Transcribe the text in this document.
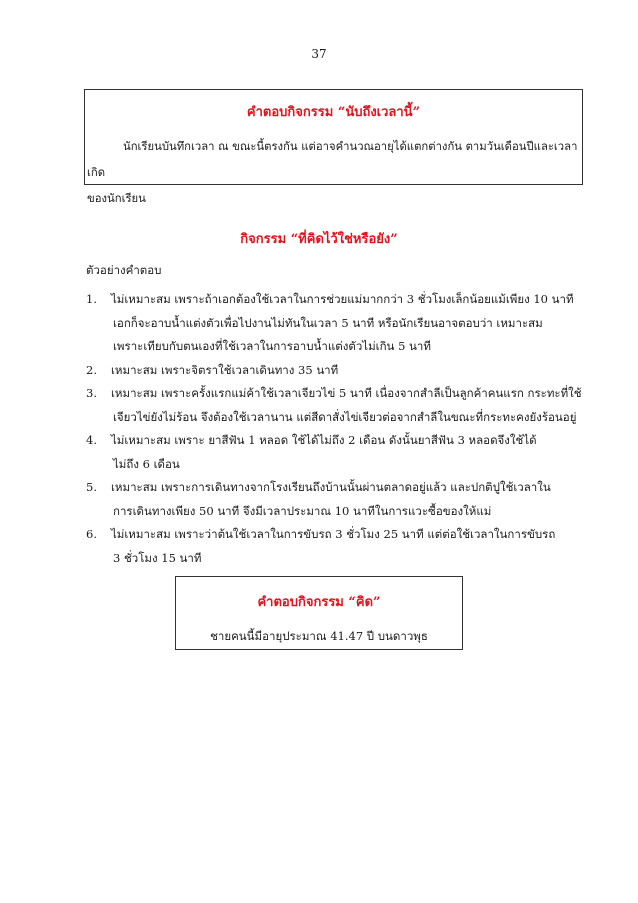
37
คำตอบกิจกรรม “นับถึงเวลานี้”
นักเรียนบันทึกเวลา ณ ขณะนี้ตรงกัน แต่อาจคำนวณอายุได้แตกต่างกัน ตามวันเดือนปีและเวลาเกิด
ของนักเรียน
กิจกรรม “ที่คิดไว้ใช่หรือยัง”
ตัวอย่างคำตอบ
1.	ไม่เหมาะสม เพราะถ้าเอกต้องใช้เวลาในการช่วยแม่มากกว่า 3 ชั่วโมงเล็กน้อยแม้เพียง 10 นาที
เอกก็จะอาบน้ำแต่งตัวเพื่อไปงานไม่ทันในเวลา 5 นาที หรือนักเรียนอาจตอบว่า เหมาะสม
เพราะเทียบกับตนเองที่ใช้เวลาในการอาบน้ำแต่งตัวไม่เกิน 5 นาที
2.	เหมาะสม เพราะจิตราใช้เวลาเดินทาง 35 นาที
3.	เหมาะสม เพราะครั้งแรกแม่ค้าใช้เวลาเจียวไข่ 5 นาที เนื่องจากสำลีเป็นลูกค้าคนแรก กระทะที่ใช้
เจียวไข่ยังไม่ร้อน จึงต้องใช้เวลานาน แต่สีดาสั่งไข่เจียวต่อจากสำลีในขณะที่กระทะคงยังร้อนอยู่
4.	ไม่เหมาะสม เพราะ ยาสีฟัน 1 หลอด ใช้ได้ไม่ถึง 2 เดือน ดังนั้นยาสีฟัน 3 หลอดจึงใช้ได้
ไม่ถึง 6 เดือน
5.	เหมาะสม เพราะการเดินทางจากโรงเรียนถึงบ้านนั้นผ่านตลาดอยู่แล้ว และปกติปูใช้เวลาใน
การเดินทางเพียง 50 นาที จึงมีเวลาประมาณ 10 นาทีในการแวะซื้อของให้แม่
6.	ไม่เหมาะสม เพราะว่าต้นใช้เวลาในการขับรถ 3 ชั่วโมง 25 นาที แต่ต่อใช้เวลาในการขับรถ
3 ชั่วโมง 15 นาที
คำตอบกิจกรรม “คิด”
ชายคนนี้มีอายุประมาณ 41.47 ปี บนดาวพุธ
